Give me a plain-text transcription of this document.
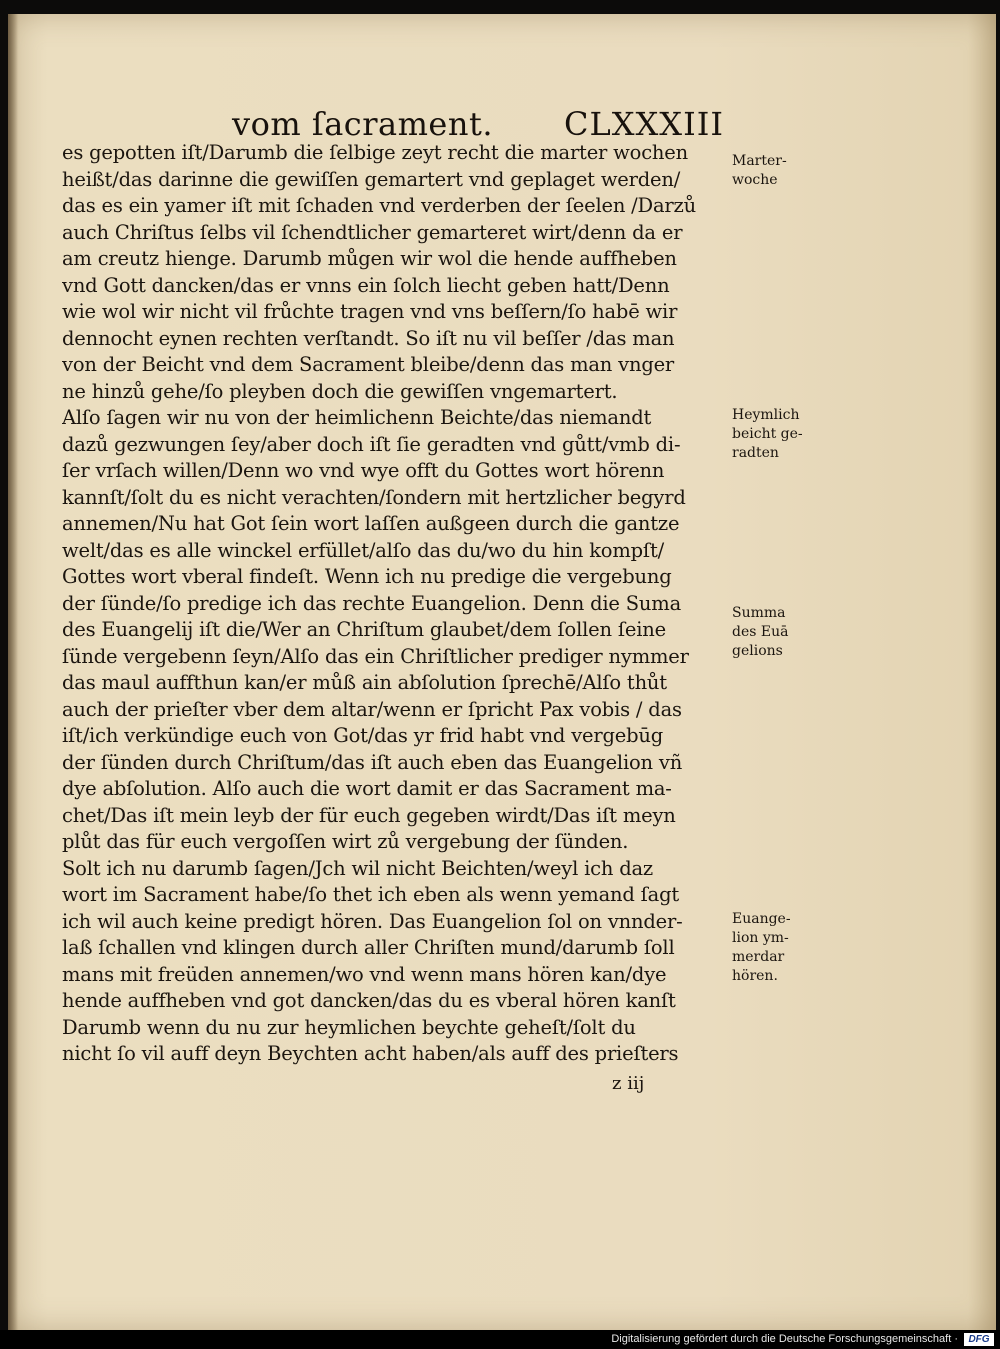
vom ſacrament. CLXXXIII
es gepotten iſt/Darumb die ſelbige zeyt recht die marter wochen
heißt/das darinne die gewiſſen gemartert vnd geplaget werden/
das es ein yamer iſt mit ſchaden vnd verderben der ſeelen /Darzů
auch Chriſtus ſelbs vil ſchendtlicher gemarteret wirt/denn da er
am creutz hienge. Darumb můgen wir wol die hende auffheben
vnd Gott dancken/das er vnns ein ſolch liecht geben hatt/Denn
wie wol wir nicht vil frůchte tragen vnd vns beſſern/ſo habē wir
dennocht eynen rechten verſtandt. So iſt nu vil beſſer /das man
von der Beicht vnd dem Sacrament bleibe/denn das man vnger
ne hinzů gehe/ſo pleyben doch die gewiſſen vngemartert.
Alſo ſagen wir nu von der heimlichenn Beichte/das niemandt
dazů gezwungen ſey/aber doch iſt ſie geradten vnd gůtt/vmb di-
ſer vrſach willen/Denn wo vnd wye offt du Gottes wort hörenn
kannſt/ſolt du es nicht verachten/ſondern mit hertzlicher begyrd
annemen/Nu hat Got ſein wort laſſen außgeen durch die gantze
welt/das es alle winckel erfüllet/alſo das du/wo du hin kompſt/
Gottes wort vberal findeſt. Wenn ich nu predige die vergebung
der ſünde/ſo predige ich das rechte Euangelion. Denn die Suma
des Euangelij iſt die/Wer an Chriſtum glaubet/dem ſollen ſeine
ſünde vergebenn ſeyn/Alſo das ein Chriſtlicher prediger nymmer
das maul auffthun kan/er můß ain abſolution ſprechē/Alſo thůt
auch der prieſter vber dem altar/wenn er ſpricht Pax vobis / das
iſt/ich verkündige euch von Got/das yr frid habt vnd vergebūg
der ſünden durch Chriſtum/das iſt auch eben das Euangelion vñ
dye abſolution. Alſo auch die wort damit er das Sacrament ma-
chet/Das iſt mein leyb der für euch gegeben wirdt/Das iſt meyn
plůt das für euch vergoſſen wirt zů vergebung der ſünden.
Solt ich nu darumb ſagen/Jch wil nicht Beichten/weyl ich daz
wort im Sacrament habe/ſo thet ich eben als wenn yemand ſagt
ich wil auch keine predigt hören. Das Euangelion ſol on vnnder-
laß ſchallen vnd klingen durch aller Chriſten mund/darumb ſoll
mans mit freüden annemen/wo vnd wenn mans hören kan/dye
hende auffheben vnd got dancken/das du es vberal hören kanſt
Darumb wenn du nu zur heymlichen beychte geheſt/ſolt du
nicht ſo vil auff deyn Beychten acht haben/als auff des prieſters
z iij
Marter-
woche
Heymlich
beicht ge-
radten
Summa
des Euā
gelions
Euange-
lion ym-
merdar
hören.
Digitalisierung gefördert durch die Deutsche Forschungsgemeinschaft ·	DFG
